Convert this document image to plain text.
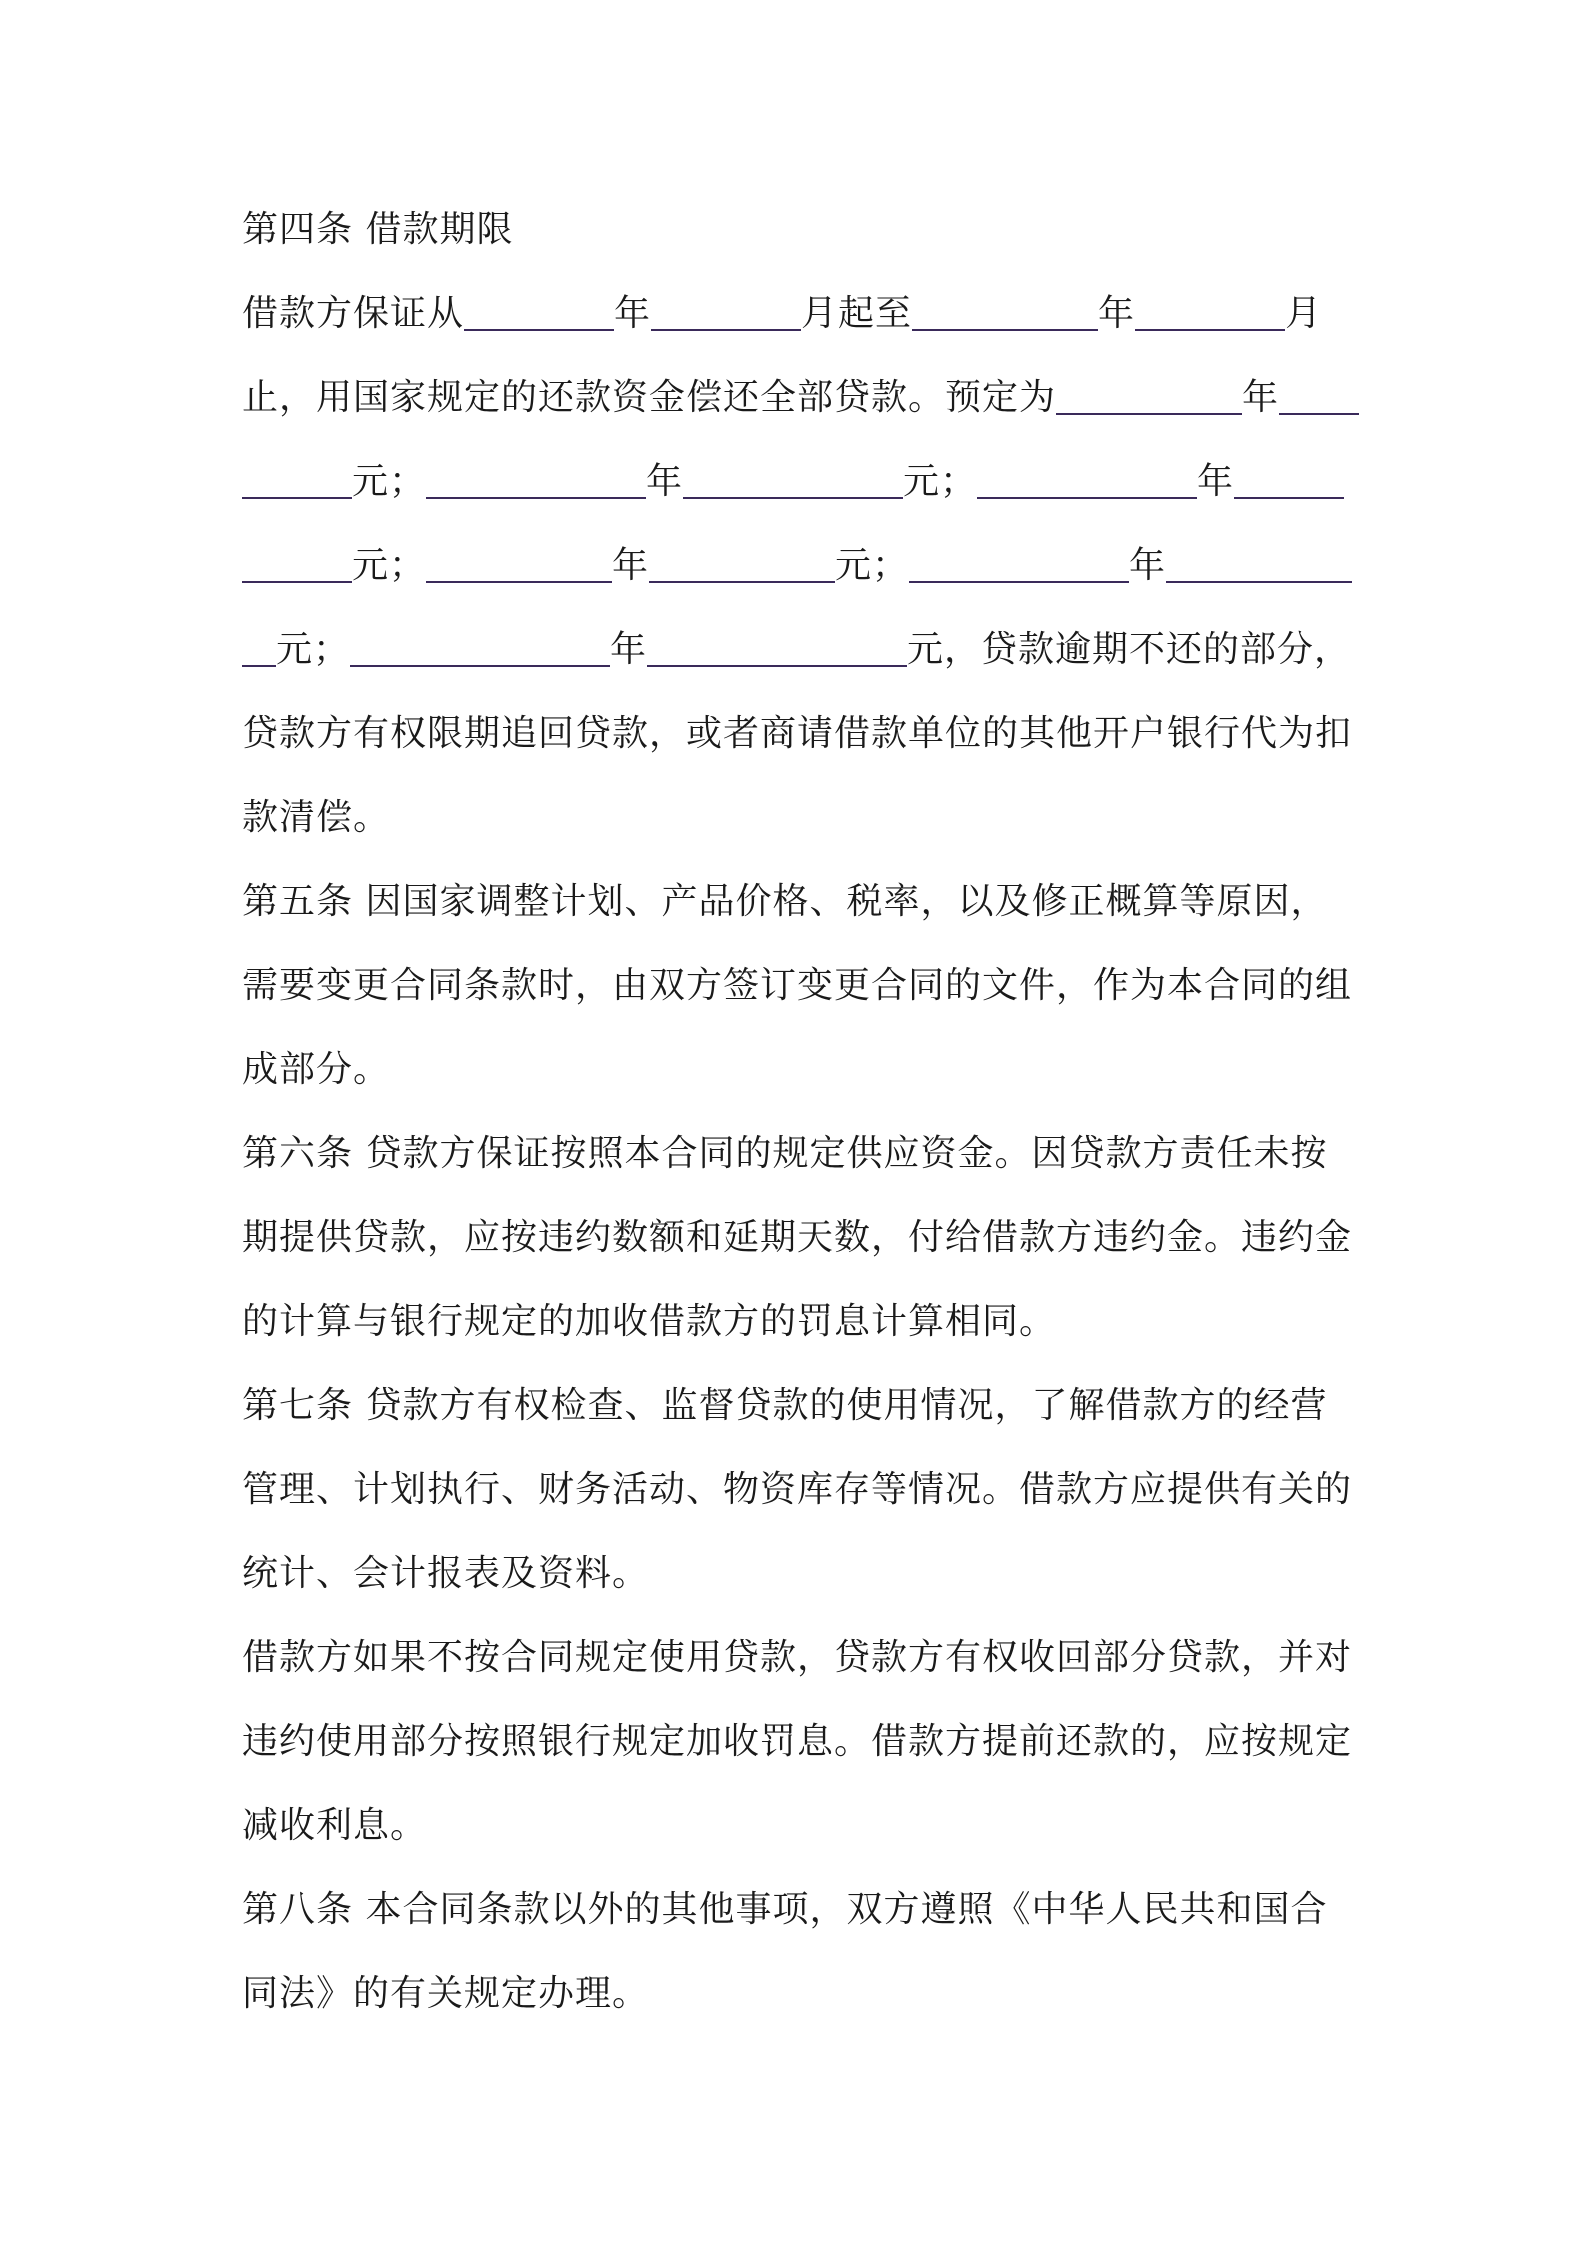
第四条 借款期限
借款方保证从	年	月起至	年	月
止，用国家规定的还款资金偿还全部贷款。预定为	年
元；	年	元；	年
元；	年	元；	年
元；	年	元，贷款逾期不还的部分，
贷款方有权限期追回贷款，或者商请借款单位的其他开户银行代为扣
款清偿。
第五条 因国家调整计划、产品价格、税率，以及修正概算等原因，
需要变更合同条款时，由双方签订变更合同的文件，作为本合同的组
成部分。
第六条 贷款方保证按照本合同的规定供应资金。因贷款方责任未按
期提供贷款，应按违约数额和延期天数，付给借款方违约金。违约金
的计算与银行规定的加收借款方的罚息计算相同。
第七条 贷款方有权检查、监督贷款的使用情况，了解借款方的经营
管理、计划执行、财务活动、物资库存等情况。借款方应提供有关的
统计、会计报表及资料。
借款方如果不按合同规定使用贷款，贷款方有权收回部分贷款，并对
违约使用部分按照银行规定加收罚息。借款方提前还款的，应按规定
减收利息。
第八条 本合同条款以外的其他事项，双方遵照《中华人民共和国合
同法》的有关规定办理。
